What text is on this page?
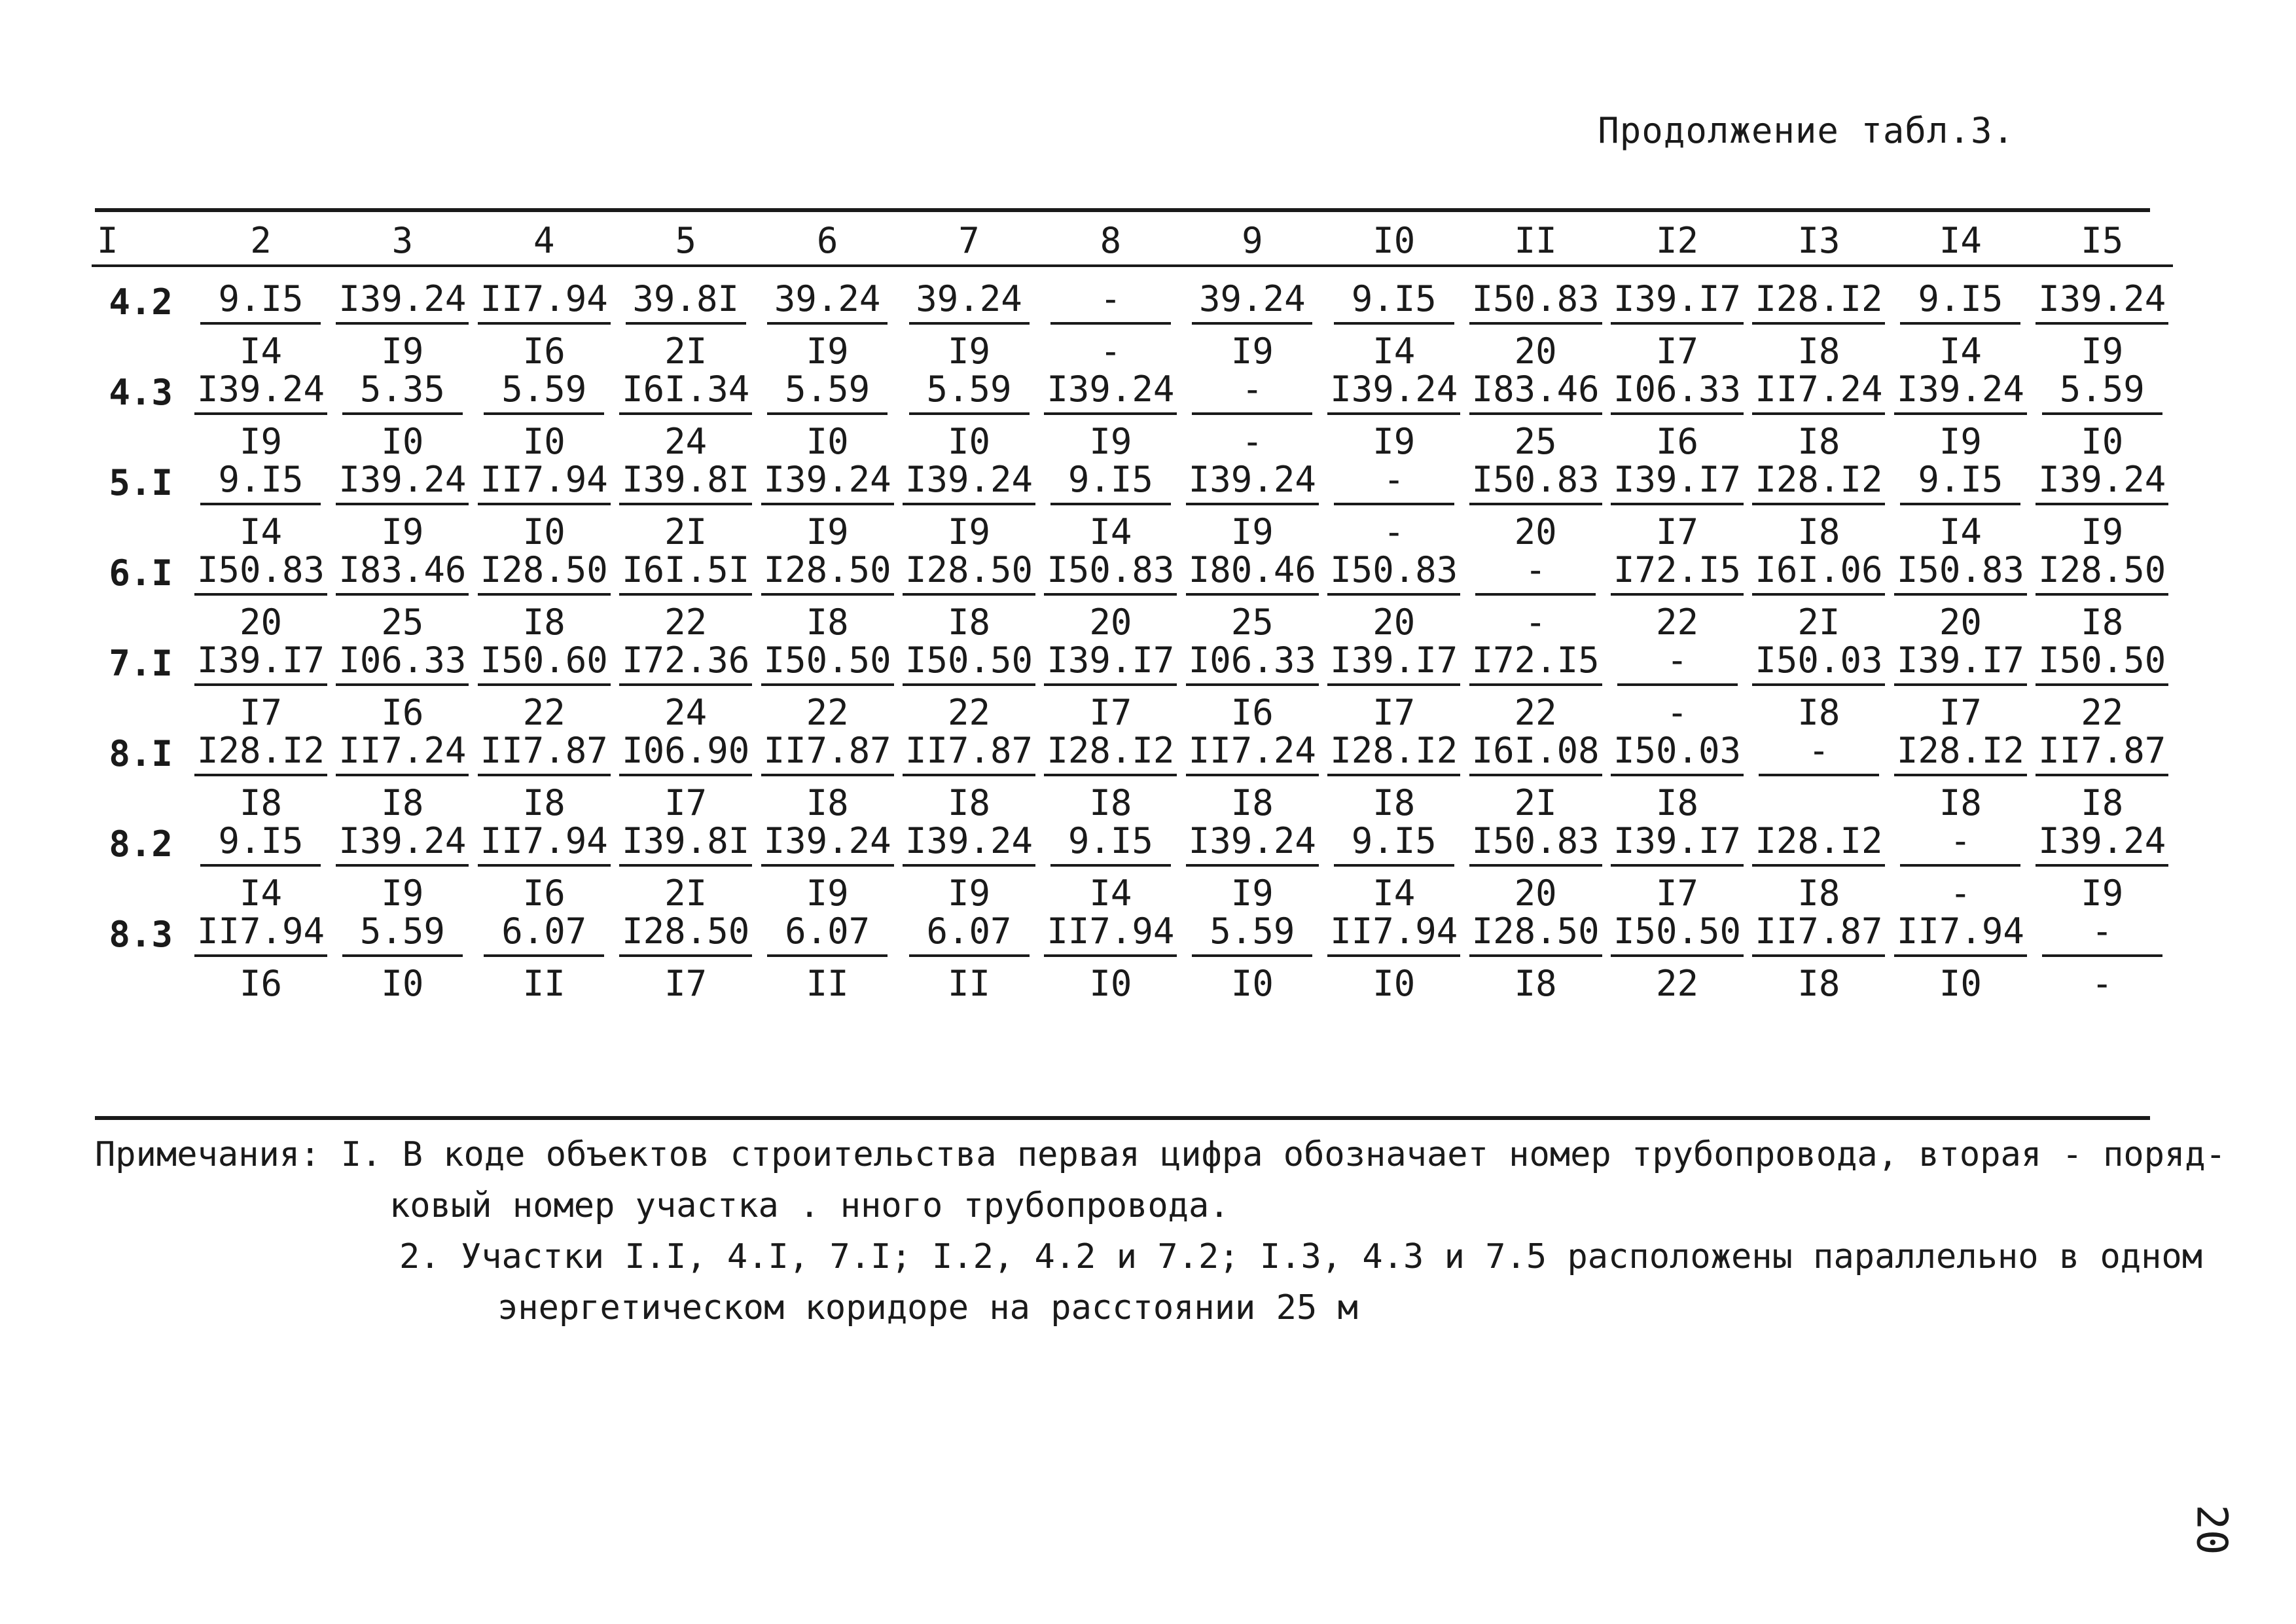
Продолжение табл.3.
I	2	3	4	5	6	7	8	9	I0	II	I2	I3	I4	I5

4.2	$\frac{9.I5}{I4}$	$\frac{I39.24}{I9}$	$\frac{II7.94}{I6}$	$\frac{39.8I}{2I}$	$\frac{39.24}{I9}$	$\frac{39.24}{I9}$	$\frac{-}{-}$	$\frac{39.24}{I9}$	$\frac{9.I5}{I4}$	$\frac{I50.83}{20}$	$\frac{I39.I7}{I7}$	$\frac{I28.I2}{I8}$	$\frac{9.I5}{I4}$	$\frac{I39.24}{I9}$

4.3	$\frac{I39.24}{I9}$	$\frac{5.35}{I0}$	$\frac{5.59}{I0}$	$\frac{I6I.34}{24}$	$\frac{5.59}{I0}$	$\frac{5.59}{I0}$	$\frac{I39.24}{I9}$	$\frac{-}{-}$	$\frac{I39.24}{I9}$	$\frac{I83.46}{25}$	$\frac{I06.33}{I6}$	$\frac{II7.24}{I8}$	$\frac{I39.24}{I9}$	$\frac{5.59}{I0}$

5.I	$\frac{9.I5}{I4}$	$\frac{I39.24}{I9}$	$\frac{II7.94}{I0}$	$\frac{I39.8I}{2I}$	$\frac{I39.24}{I9}$	$\frac{I39.24}{I9}$	$\frac{9.I5}{I4}$	$\frac{I39.24}{I9}$	$\frac{-}{-}$	$\frac{I50.83}{20}$	$\frac{I39.I7}{I7}$	$\frac{I28.I2}{I8}$	$\frac{9.I5}{I4}$	$\frac{I39.24}{I9}$

6.I	$\frac{I50.83}{20}$	$\frac{I83.46}{25}$	$\frac{I28.50}{I8}$	$\frac{I6I.5I}{22}$	$\frac{I28.50}{I8}$	$\frac{I28.50}{I8}$	$\frac{I50.83}{20}$	$\frac{I80.46}{25}$	$\frac{I50.83}{20}$	$\frac{-}{-}$	$\frac{I72.I5}{22}$	$\frac{I6I.06}{2I}$	$\frac{I50.83}{20}$	$\frac{I28.50}{I8}$

7.I	$\frac{I39.I7}{I7}$	$\frac{I06.33}{I6}$	$\frac{I50.60}{22}$	$\frac{I72.36}{24}$	$\frac{I50.50}{22}$	$\frac{I50.50}{22}$	$\frac{I39.I7}{I7}$	$\frac{I06.33}{I6}$	$\frac{I39.I7}{I7}$	$\frac{I72.I5}{22}$	$\frac{-}{-}$	$\frac{I50.03}{I8}$	$\frac{I39.I7}{I7}$	$\frac{I50.50}{22}$

8.I	$\frac{I28.I2}{I8}$	$\frac{II7.24}{I8}$	$\frac{II7.87}{I8}$	$\frac{I06.90}{I7}$	$\frac{II7.87}{I8}$	$\frac{II7.87}{I8}$	$\frac{I28.I2}{I8}$	$\frac{II7.24}{I8}$	$\frac{I28.I2}{I8}$	$\frac{I6I.08}{2I}$	$\frac{I50.03}{I8}$	-	$\frac{I28.I2}{I8}$	$\frac{II7.87}{I8}$

8.2	$\frac{9.I5}{I4}$	$\frac{I39.24}{I9}$	$\frac{II7.94}{I6}$	$\frac{I39.8I}{2I}$	$\frac{I39.24}{I9}$	$\frac{I39.24}{I9}$	$\frac{9.I5}{I4}$	$\frac{I39.24}{I9}$	$\frac{9.I5}{I4}$	$\frac{I50.83}{20}$	$\frac{I39.I7}{I7}$	$\frac{I28.I2}{I8}$	$\frac{-}{-}$	$\frac{I39.24}{I9}$

8.3	$\frac{II7.94}{I6}$	$\frac{5.59}{I0}$	$\frac{6.07}{II}$	$\frac{I28.50}{I7}$	$\frac{6.07}{II}$	$\frac{6.07}{II}$	$\frac{II7.94}{I0}$	$\frac{5.59}{I0}$	$\frac{II7.94}{I0}$	$\frac{I28.50}{I8}$	$\frac{I50.50}{22}$	$\frac{II7.87}{I8}$	$\frac{II7.94}{I0}$	$\frac{-}{-}$
Примечания: I. В коде объектов строительства первая цифра обозначает номер трубопровода, вторая - поряд-
ковый номер участка . нного трубопровода.
2. Участки I.I, 4.I, 7.I; I.2, 4.2 и 7.2; I.3, 4.3 и 7.5 расположены параллельно в одном
энергетическом коридоре на расстоянии 25 м
20
